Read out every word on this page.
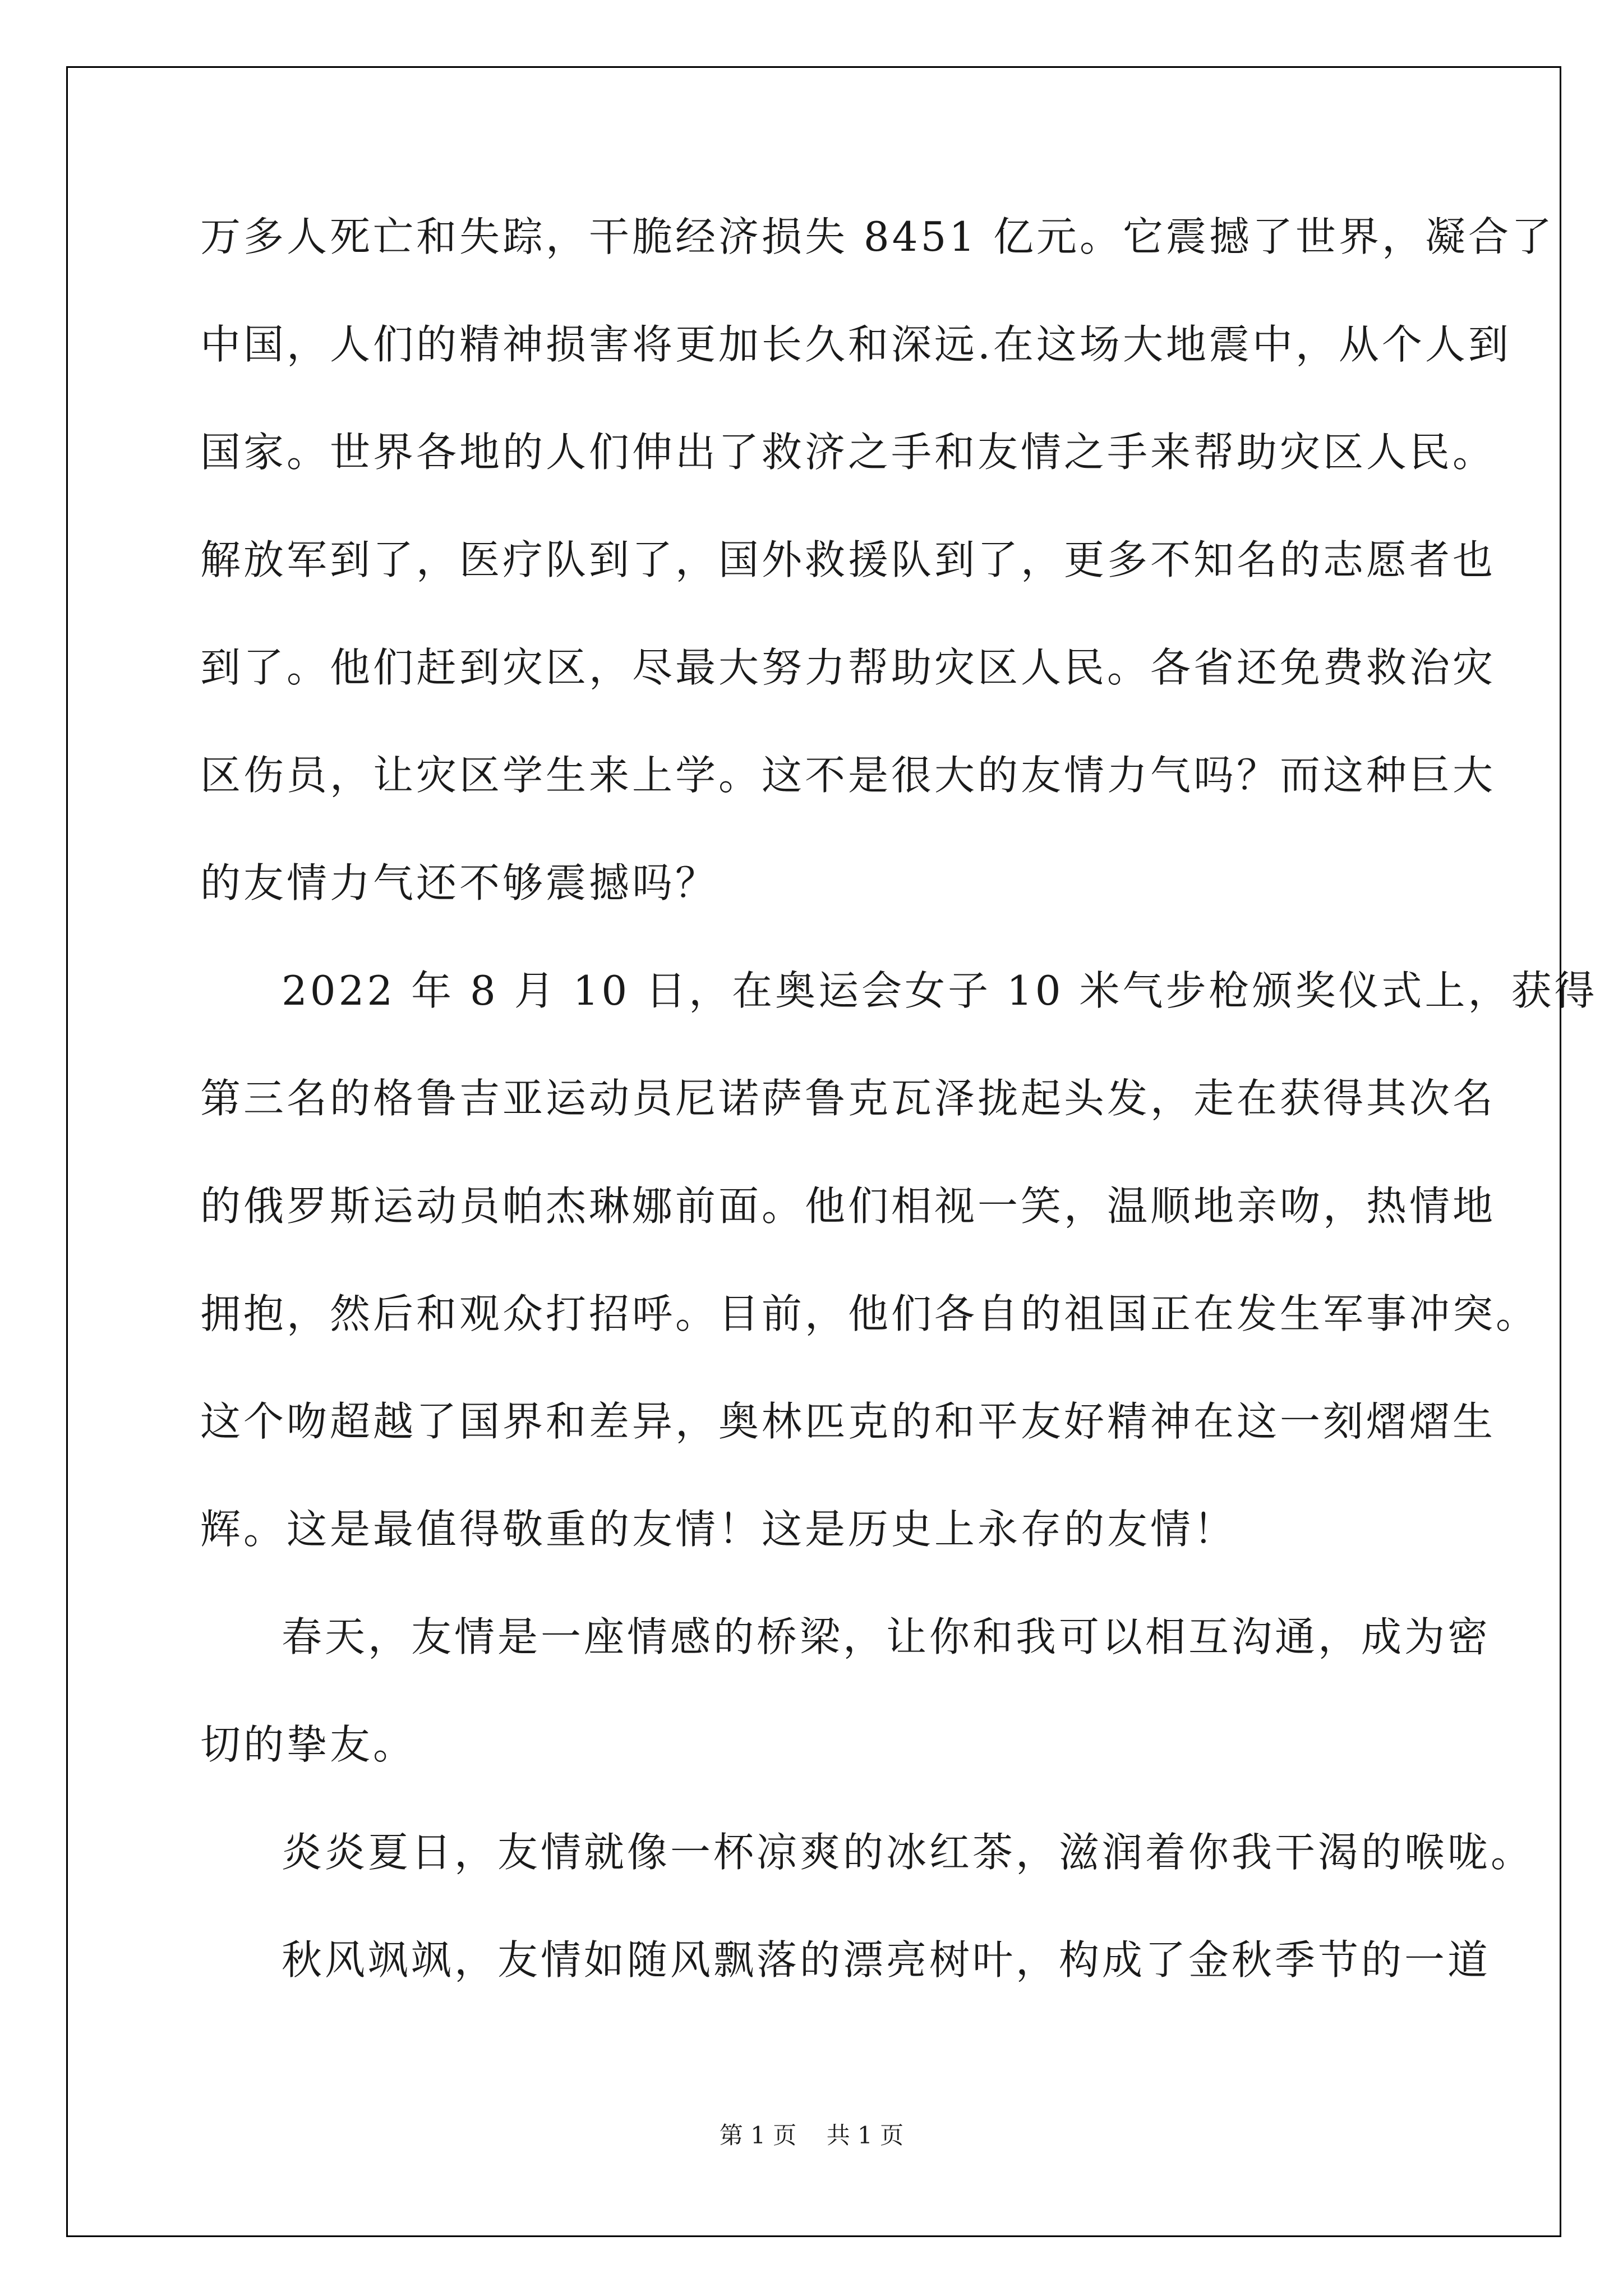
万多人死亡和失踪，干脆经济损失 8451 亿元。它震撼了世界，凝合了
中国，人们的精神损害将更加长久和深远.在这场大地震中，从个人到
国家。世界各地的人们伸出了救济之手和友情之手来帮助灾区人民。
解放军到了，医疗队到了，国外救援队到了，更多不知名的志愿者也
到了。他们赶到灾区，尽最大努力帮助灾区人民。各省还免费救治灾
区伤员，让灾区学生来上学。这不是很大的友情力气吗？而这种巨大
的友情力气还不够震撼吗？
2022 年 8 月 10 日，在奥运会女子 10 米气步枪颁奖仪式上，获得
第三名的格鲁吉亚运动员尼诺萨鲁克瓦泽拢起头发，走在获得其次名
的俄罗斯运动员帕杰琳娜前面。他们相视一笑，温顺地亲吻，热情地
拥抱，然后和观众打招呼。目前，他们各自的祖国正在发生军事冲突。
这个吻超越了国界和差异，奥林匹克的和平友好精神在这一刻熠熠生
辉。这是最值得敬重的友情！这是历史上永存的友情！
春天，友情是一座情感的桥梁，让你和我可以相互沟通，成为密
切的挚友。
炎炎夏日，友情就像一杯凉爽的冰红茶，滋润着你我干渴的喉咙。
秋风飒飒，友情如随风飘落的漂亮树叶，构成了金秋季节的一道
第 1 页    共 1 页
